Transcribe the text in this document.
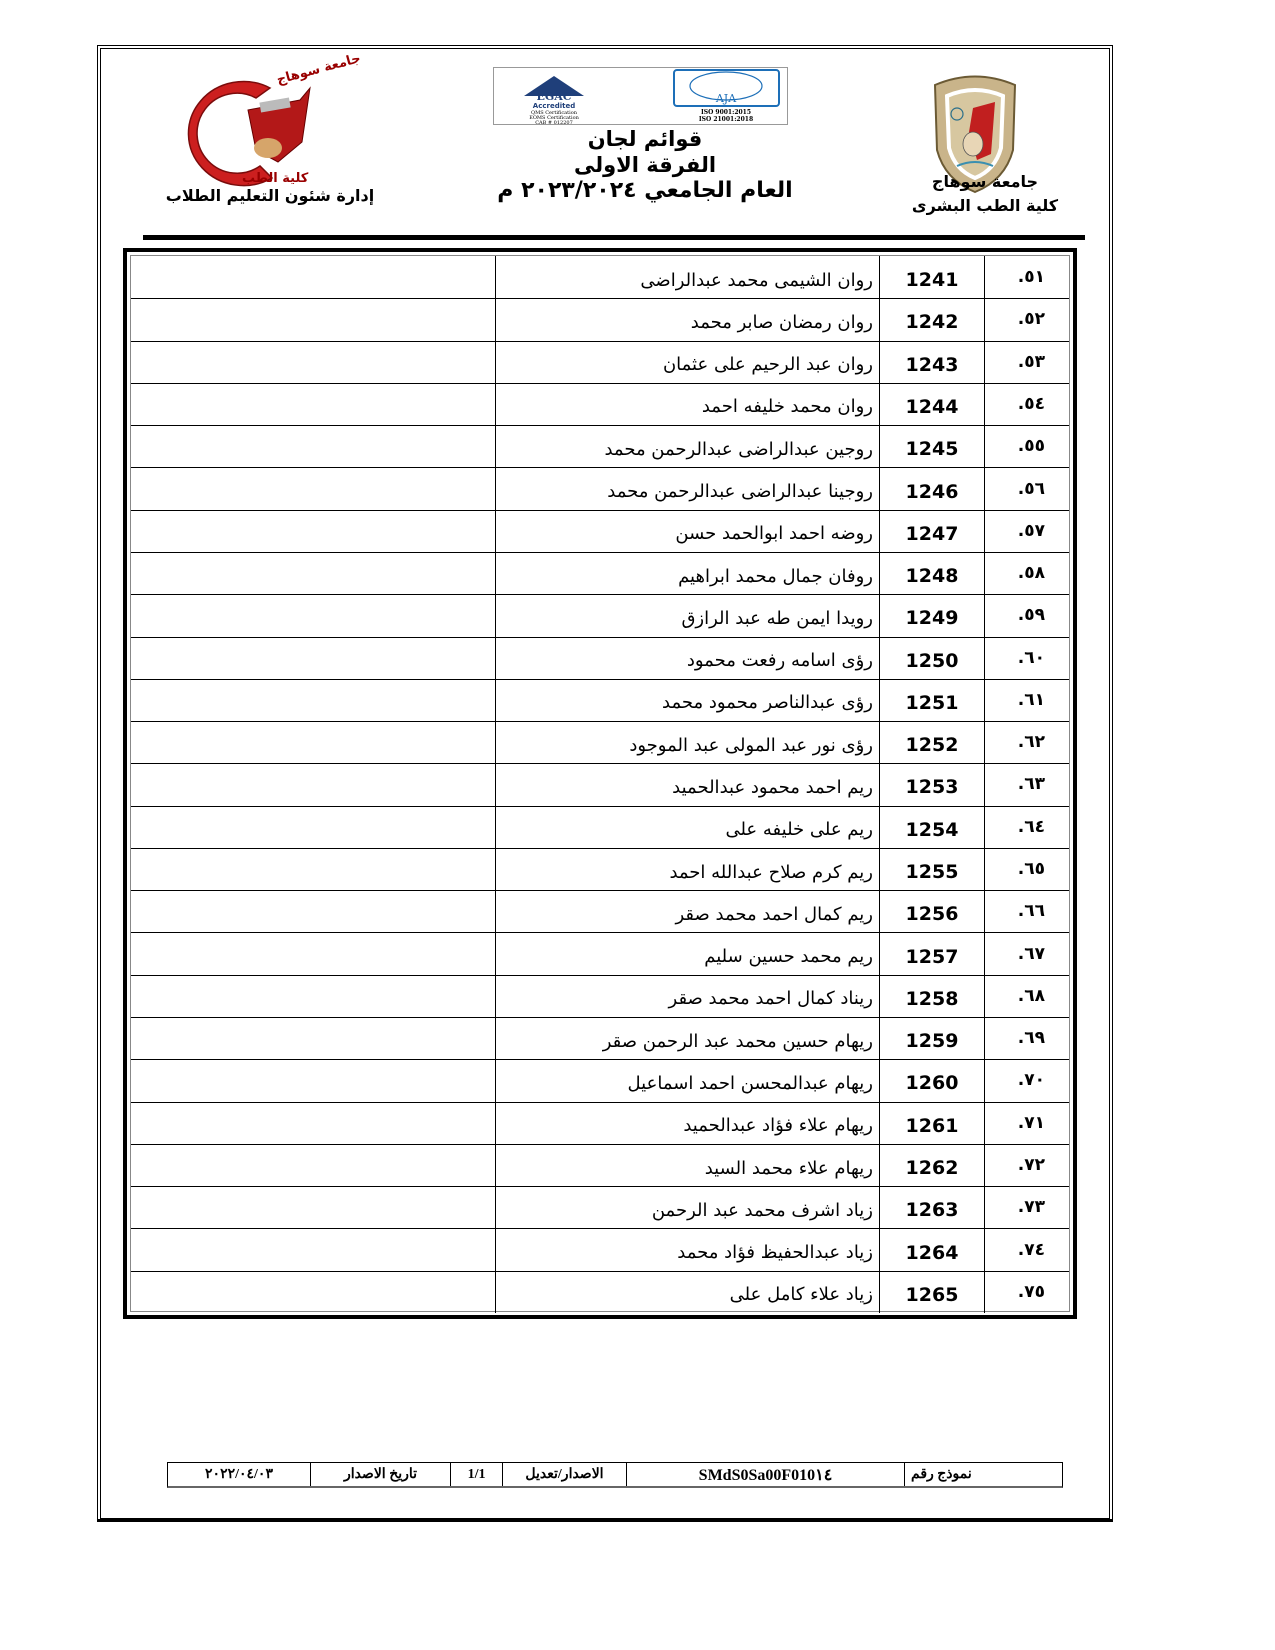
جامعة سوهاج
كلية الطب
إدارة شئون التعليم الطلاب
EGAC
Accredited
QMS Certification
EOMS Certification
CAB # 012207
AJA
ISO 9001:2015
ISO 21001:2018
قوائم لجان
الفرقة الاولى
العام الجامعي ٢٠٢٣/٢٠٢٤ م	جامعة سوهاج
كلية الطب البشرى
٥١.
1241
روان الشيمى محمد عبدالراضى
٥٢.
1242
روان رمضان صابر محمد
٥٣.
1243
روان عبد الرحيم على عثمان
٥٤.
1244
روان محمد خليفه احمد
٥٥.
1245
روجين عبدالراضى عبدالرحمن محمد
٥٦.
1246
روجينا عبدالراضى عبدالرحمن محمد
٥٧.
1247
روضه احمد ابوالحمد حسن
٥٨.
1248
روفان جمال محمد ابراهيم
٥٩.
1249
رويدا ايمن طه عبد الرازق
٦٠.
1250
رؤى اسامه رفعت محمود
٦١.
1251
رؤى عبدالناصر محمود محمد
٦٢.
1252
رؤى نور عبد المولى عبد الموجود
٦٣.
1253
ريم احمد محمود عبدالحميد
٦٤.
1254
ريم على خليفه على
٦٥.
1255
ريم كرم صلاح عبدالله احمد
٦٦.
1256
ريم كمال احمد محمد صقر
٦٧.
1257
ريم محمد حسين سليم
٦٨.
1258
ريناد كمال احمد محمد صقر
٦٩.
1259
ريهام حسين محمد عبد الرحمن صقر
٧٠.
1260
ريهام عبدالمحسن احمد اسماعيل
٧١.
1261
ريهام علاء فؤاد عبدالحميد
٧٢.
1262
ريهام علاء محمد السيد
٧٣.
1263
زياد اشرف محمد عبد الرحمن
٧٤.
1264
زياد عبدالحفيظ فؤاد محمد
٧٥.
1265
زياد علاء كامل على
نموذج رقم
SMdS0Sa00F010١٤
الاصدار/تعديل
1/1
تاريخ الاصدار
٢٠٢٢/٠٤/٠٣
